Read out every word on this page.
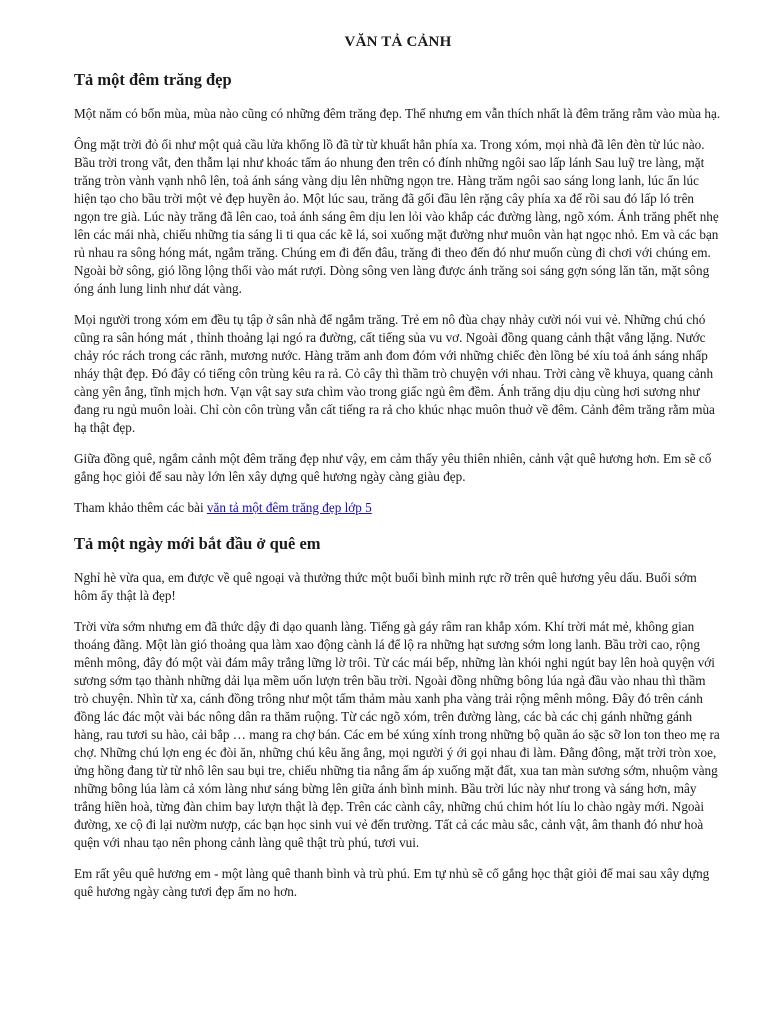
VĂN TẢ CẢNH
Tả một đêm trăng đẹp

Một năm có bốn mùa, mùa nào cũng có những đêm trăng đẹp. Thế nhưng em vẫn thích nhất là đêm trăng rằm vào mùa hạ.

Ông mặt trời đỏ ối như một quả cầu lửa khổng lồ đã từ từ khuất hẳn phía xa. Trong xóm, mọi nhà đã lên đèn từ lúc nào. Bầu trời trong vắt, đen thẫm lại như khoác tấm áo nhung đen trên có đính những ngôi sao lấp lánh Sau luỹ tre làng, mặt trăng tròn vành vạnh nhô lên, toả ánh sáng vàng dịu lên những ngọn tre. Hàng trăm ngôi sao sáng long lanh, lúc ẩn lúc hiện tạo cho bầu trời một vẻ đẹp huyền ảo. Một lúc sau, trăng đã gối đầu lên rặng cây phía xa để rồi sau đó lấp ló trên ngọn tre già. Lúc này trăng đã lên cao, toả ánh sáng êm dịu len lỏi vào khắp các đường làng, ngõ xóm. Ánh trăng phết nhẹ lên các mái nhà, chiếu những tia sáng li ti qua các kẽ lá, soi xuống mặt đường như muôn vàn hạt ngọc nhỏ. Em và các bạn rủ nhau ra sông hóng mát, ngắm trăng. Chúng em đi đến đâu, trăng đi theo đến đó như muốn cùng đi chơi với chúng em. Ngoài bờ sông, gió lồng lộng thổi vào mát rượi. Dòng sông ven làng được ánh trăng soi sáng gợn sóng lăn tăn, mặt sông óng ánh lung linh như dát vàng.

Mọi người trong xóm em đều tụ tập ở sân nhà để ngắm trăng. Trẻ em nô đùa chạy nhảy cười nói vui vẻ. Những chú chó cũng ra sân hóng mát , thỉnh thoảng lại ngó ra đường, cất tiếng sủa vu vơ. Ngoài đồng quang cảnh thật vắng lặng. Nước chảy róc rách trong các rãnh, mương nước. Hàng trăm anh đom đóm với những chiếc đèn lồng bé xíu toả ánh sáng nhấp nháy thật đẹp. Đó đây có tiếng côn trùng kêu ra rả. Cỏ cây thì thầm trò chuyện với nhau. Trời càng về khuya, quang cảnh càng yên ắng, tĩnh mịch hơn. Vạn vật say sưa chìm vào trong giấc ngủ êm đềm. Ánh trăng dịu dịu cùng hơi sương như đang ru ngủ muôn loài. Chỉ còn côn trùng vẫn cất tiếng ra rả cho khúc nhạc muôn thuở về đêm. Cảnh đêm trăng rằm mùa hạ thật đẹp.

Giữa đồng quê, ngắm cảnh một đêm trăng đẹp như vậy, em cảm thấy yêu thiên nhiên, cảnh vật quê hương hơn. Em sẽ cố gắng học giỏi để sau này lớn lên xây dựng quê hương ngày càng giàu đẹp.

Tham khảo thêm các bài văn tả một đêm trăng đẹp lớp 5

Tả một ngày mới bắt đầu ở quê em

Nghỉ hè vừa qua, em được về quê ngoại và thưởng thức một buổi bình minh rực rỡ trên quê hương yêu dấu. Buổi sớm hôm ấy thật là đẹp!

Trời vừa sớm nhưng em đã thức dậy đi dạo quanh làng. Tiếng gà gáy râm ran khắp xóm. Khí trời mát mẻ, không gian thoáng đãng. Một làn gió thoảng qua làm xao động cành lá để lộ ra những hạt sương sớm long lanh. Bầu trời cao, rộng mênh mông, đây đó một vài đám mây trắng lững lờ trôi. Từ các mái bếp, những làn khói nghi ngút bay lên hoà quyện với sương sớm tạo thành những dải lụa mềm uốn lượn trên bầu trời. Ngoài đồng những bông lúa ngả đầu vào nhau thì thầm trò chuyện. Nhìn từ xa, cánh đồng trông như một tấm thảm màu xanh pha vàng trải rộng mênh mông. Đây đó trên cánh đồng lác đác một vài bác nông dân ra thăm ruộng. Từ các ngõ xóm, trên đường làng, các bà các chị gánh những gánh hàng, rau tươi su hào, cải bắp … mang ra chợ bán. Các em bé xúng xính trong những bộ quần áo sặc sỡ lon ton theo mẹ ra chợ. Những chú lợn eng éc đòi ăn, những chú kêu ăng ẳng, mọi người ý ới gọi nhau đi làm. Đằng đông, mặt trời tròn xoe, ửng hồng đang từ từ nhô lên sau bụi tre, chiếu những tia nắng ấm áp xuống mặt đất, xua tan màn sương sớm, nhuộm vàng những bông lúa làm cả xóm làng như sáng bừng lên giữa ánh bình minh. Bầu trời lúc này như trong và sáng hơn, mây trắng hiền hoà, từng đàn chim bay lượn thật là đẹp. Trên các cành cây, những chú chim hót líu lo chào ngày mới. Ngoài đường, xe cộ đi lại nườm nượp, các bạn học sinh vui vẻ đến trường. Tất cả các màu sắc, cảnh vật, âm thanh đó như hoà quện với nhau tạo nên phong cảnh làng quê thật trù phú, tươi vui.

Em rất yêu quê hương em - một làng quê thanh bình và trù phú. Em tự nhủ sẽ cố gắng học thật giỏi để mai sau xây dựng quê hương ngày càng tươi đẹp ấm no hơn.
